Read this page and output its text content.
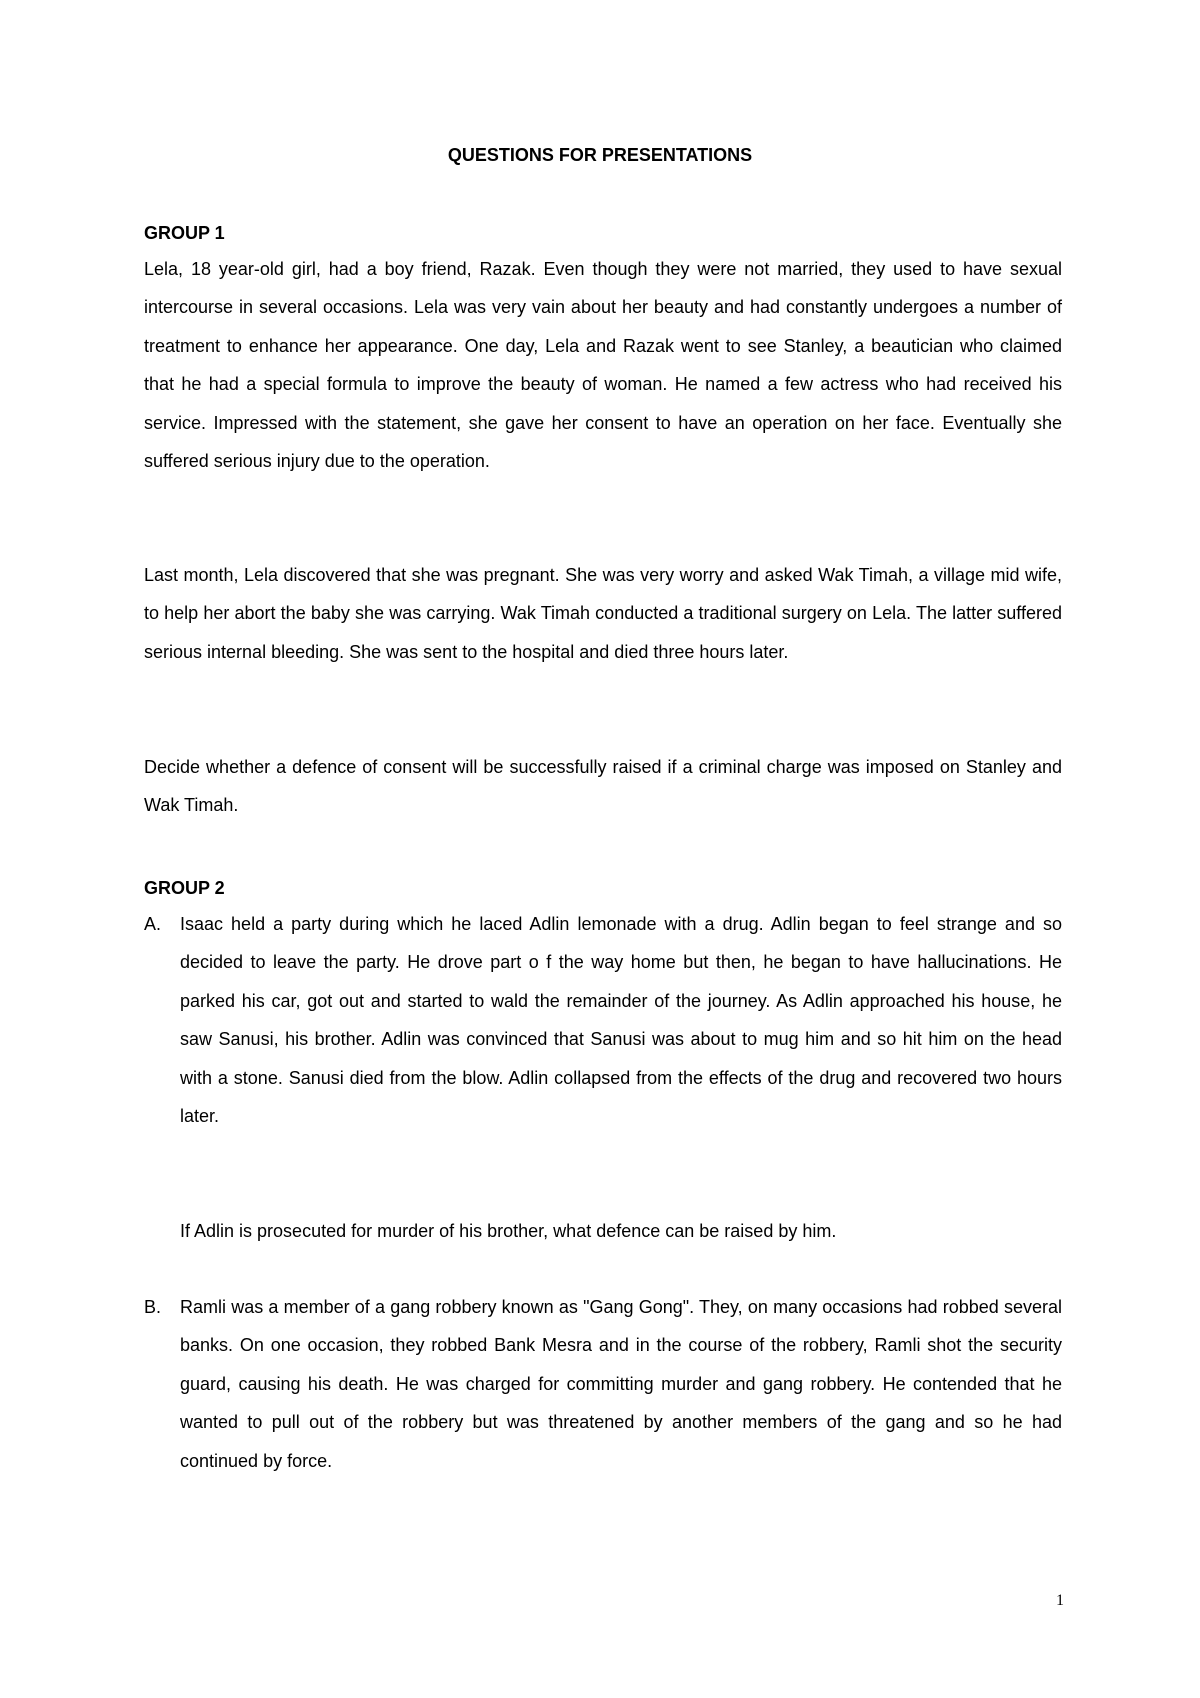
QUESTIONS FOR PRESENTATIONS
GROUP 1
Lela, 18 year-old girl, had a boy friend, Razak. Even though they were not married, they used to have sexual intercourse in several occasions. Lela was very vain about her beauty and had constantly undergoes a number of treatment to enhance her appearance. One day, Lela and Razak went to see Stanley, a beautician who claimed that he had a special formula to improve the beauty of woman. He named a few actress who had received his service. Impressed with the statement, she gave her consent to have an operation on her face. Eventually she suffered serious injury due to the operation.
Last month, Lela discovered that she was pregnant. She was very worry and asked Wak Timah, a village mid wife, to help her abort the baby she was carrying. Wak Timah conducted a traditional surgery on Lela. The latter suffered serious internal bleeding. She was sent to the hospital and died three hours later.
Decide whether a defence of consent will be successfully raised if a criminal charge was imposed on Stanley and Wak Timah.
GROUP 2
A.	Isaac held a party during which he laced Adlin lemonade with a drug. Adlin began to feel strange and so decided to leave the party. He drove part o f the way home but then, he began to have hallucinations. He parked his car, got out and started to wald the remainder of the journey. As Adlin approached his house, he saw Sanusi, his brother. Adlin was convinced that Sanusi was about to mug him and so hit him on the head with a stone. Sanusi died from the blow. Adlin collapsed from the effects of the drug and recovered two hours later.
If Adlin is prosecuted for murder of his brother, what defence can be raised by him.
B.	Ramli was a member of a gang robbery known as "Gang Gong". They, on many occasions had robbed several banks. On one occasion, they robbed Bank Mesra and in the course of the robbery, Ramli shot the security guard, causing his death. He was charged for committing murder and gang robbery. He contended that he wanted to pull out of the robbery but was threatened by another members of the gang and so he had continued by force.
1
